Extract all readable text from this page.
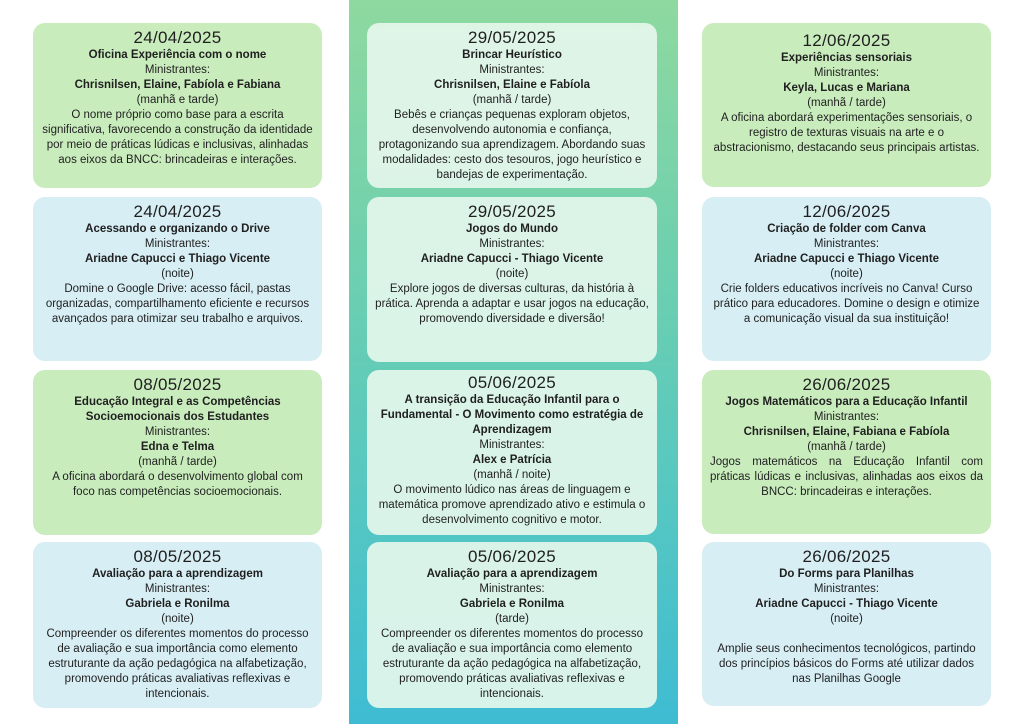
24/04/2025
Oficina Experiência com o nome
Ministrantes:
Chrisnilsen, Elaine, Fabíola e Fabiana
(manhã e tarde)
O nome próprio como base para a escrita significativa, favorecendo a construção da identidade por meio de práticas lúdicas e inclusivas, alinhadas aos eixos da BNCC: brincadeiras e interações.
24/04/2025
Acessando e organizando o Drive
Ministrantes:
Ariadne Capucci e Thiago Vicente
(noite)
Domine o Google Drive: acesso fácil, pastas organizadas, compartilhamento eficiente e recursos avançados para otimizar seu trabalho e arquivos.
08/05/2025
Educação Integral e as Competências Socioemocionais dos Estudantes
Ministrantes:
Edna e Telma
(manhã / tarde)
A oficina abordará o desenvolvimento global com foco nas competências socioemocionais.
08/05/2025
Avaliação para a aprendizagem
Ministrantes:
Gabriela e Ronilma
(noite)
Compreender os diferentes momentos do processo de avaliação e sua importância como elemento estruturante da ação pedagógica na alfabetização, promovendo práticas avaliativas reflexivas e intencionais.
29/05/2025
Brincar Heurístico
Ministrantes:
Chrisnilsen, Elaine e Fabíola
(manhã / tarde)
Bebês e crianças pequenas exploram objetos, desenvolvendo autonomia e confiança, protagonizando sua aprendizagem. Abordando suas modalidades: cesto dos tesouros, jogo heurístico e bandejas de experimentação.
29/05/2025
Jogos do Mundo
Ministrantes:
Ariadne Capucci - Thiago Vicente
(noite)
Explore jogos de diversas culturas, da história à prática. Aprenda a adaptar e usar jogos na educação, promovendo diversidade e diversão!
05/06/2025
A transição da Educação Infantil para o Fundamental - O Movimento como estratégia de Aprendizagem
Ministrantes:
Alex e Patrícia
(manhã / noite)
O movimento lúdico nas áreas de linguagem e matemática promove aprendizado ativo e estimula o desenvolvimento cognitivo e motor.
05/06/2025
Avaliação para a aprendizagem
Ministrantes:
Gabriela e Ronilma
(tarde)
Compreender os diferentes momentos do processo de avaliação e sua importância como elemento estruturante da ação pedagógica na alfabetização, promovendo práticas avaliativas reflexivas e intencionais.
12/06/2025
Experiências sensoriais
Ministrantes:
Keyla, Lucas e Mariana
(manhã / tarde)
A oficina abordará experimentações sensoriais, o registro de texturas visuais na arte e o abstracionismo, destacando seus principais artistas.
12/06/2025
Criação de folder com Canva
Ministrantes:
Ariadne Capucci e Thiago Vicente
(noite)
Crie folders educativos incríveis no Canva! Curso prático para educadores. Domine o design e otimize a comunicação visual da sua instituição!
26/06/2025
Jogos Matemáticos para a Educação Infantil
Ministrantes:
Chrisnilsen, Elaine, Fabiana e Fabíola
(manhã / tarde)
Jogos matemáticos na Educação Infantil com práticas lúdicas e inclusivas, alinhadas aos eixos da BNCC: brincadeiras e interações.
26/06/2025
Do Forms para Planilhas
Ministrantes:
Ariadne Capucci - Thiago Vicente
(noite)
Amplie seus conhecimentos tecnológicos, partindo dos princípios básicos do Forms até utilizar dados nas Planilhas Google
